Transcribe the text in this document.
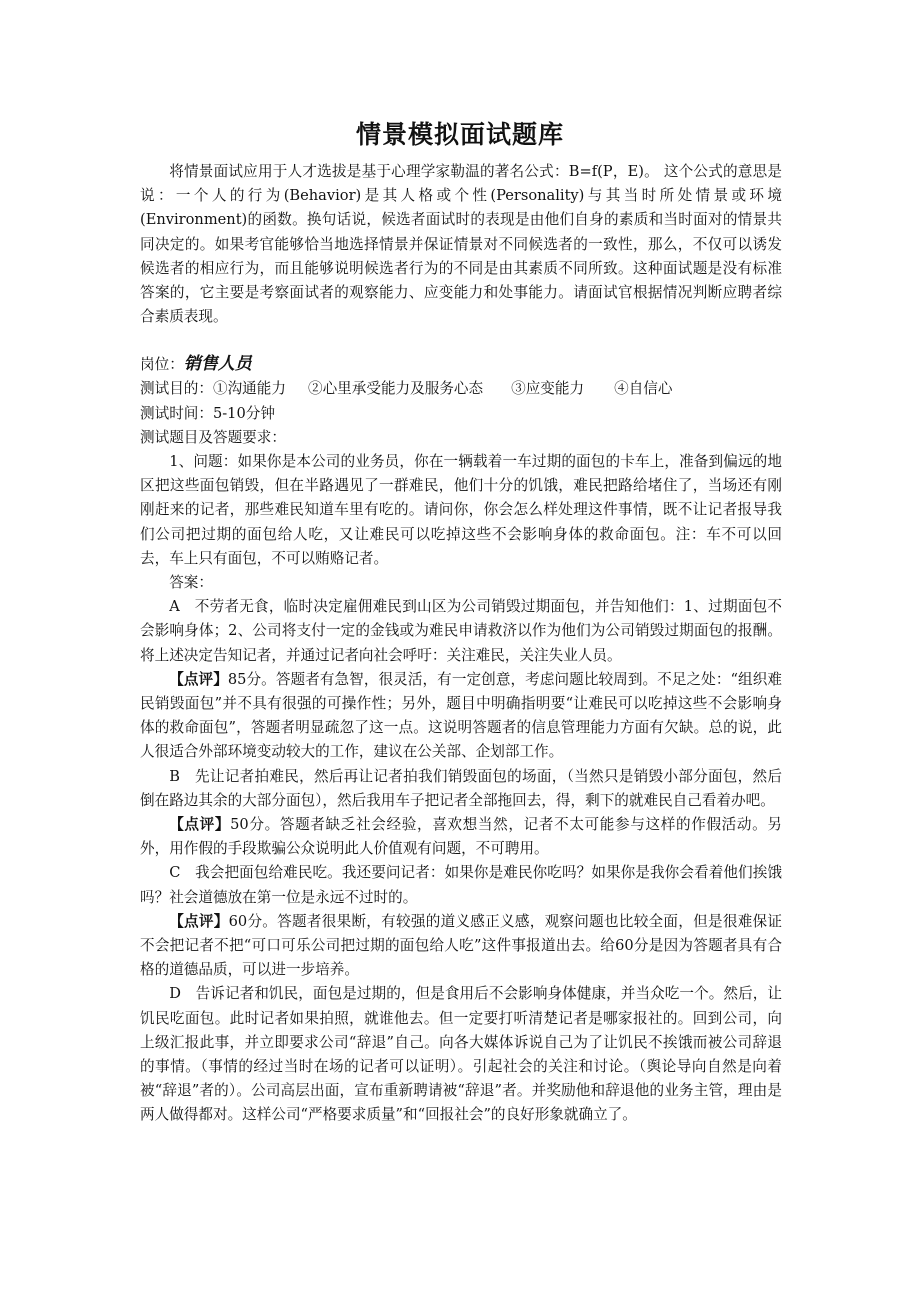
情景模拟面试题库

将情景面试应用于人才选拔是基于心理学家勒温的著名公式：B=f(P，E)。 这个公式的意思是说：一个人的行为(Behavior)是其人格或个性(Personality)与其当时所处情景或环境(Environment)的函数。换句话说，候选者面试时的表现是由他们自身的素质和当时面对的情景共同决定的。如果考官能够恰当地选择情景并保证情景对不同候选者的一致性，那么，不仅可以诱发候选者的相应行为，而且能够说明候选者行为的不同是由其素质不同所致。这种面试题是没有标准答案的，它主要是考察面试者的观察能力、应变能力和处事能力。请面试官根据情况判断应聘者综合素质表现。

岗位：销售人员

测试目的：①沟通能力 ②心里承受能力及服务心态 ③应变能力 ④自信心

测试时间：5-10分钟

测试题目及答题要求：

1、问题：如果你是本公司的业务员，你在一辆载着一车过期的面包的卡车上，准备到偏远的地区把这些面包销毁，但在半路遇见了一群难民，他们十分的饥饿，难民把路给堵住了，当场还有刚刚赶来的记者，那些难民知道车里有吃的。请问你，你会怎么样处理这件事情，既不让记者报导我们公司把过期的面包给人吃，又让难民可以吃掉这些不会影响身体的救命面包。注：车不可以回去，车上只有面包，不可以贿赂记者。

答案：

A　不劳者无食，临时决定雇佣难民到山区为公司销毁过期面包，并告知他们：1、过期面包不会影响身体；2、公司将支付一定的金钱或为难民申请救济以作为他们为公司销毁过期面包的报酬。将上述决定告知记者，并通过记者向社会呼吁：关注难民，关注失业人员。

【点评】85分。答题者有急智，很灵活，有一定创意，考虑问题比较周到。不足之处：“组织难民销毁面包”并不具有很强的可操作性；另外，题目中明确指明要“让难民可以吃掉这些不会影响身体的救命面包”，答题者明显疏忽了这一点。这说明答题者的信息管理能力方面有欠缺。总的说，此人很适合外部环境变动较大的工作，建议在公关部、企划部工作。

B　先让记者拍难民，然后再让记者拍我们销毁面包的场面，（当然只是销毁小部分面包，然后倒在路边其余的大部分面包），然后我用车子把记者全部拖回去，得，剩下的就难民自己看着办吧。

【点评】50分。答题者缺乏社会经验，喜欢想当然，记者不太可能参与这样的作假活动。另外，用作假的手段欺骗公众说明此人价值观有问题，不可聘用。

C　我会把面包给难民吃。我还要问记者：如果你是难民你吃吗？如果你是我你会看着他们挨饿吗？社会道德放在第一位是永远不过时的。

【点评】60分。答题者很果断，有较强的道义感正义感，观察问题也比较全面，但是很难保证不会把记者不把“可口可乐公司把过期的面包给人吃”这件事报道出去。给60分是因为答题者具有合格的道德品质，可以进一步培养。

D　告诉记者和饥民，面包是过期的，但是食用后不会影响身体健康，并当众吃一个。然后，让饥民吃面包。此时记者如果拍照，就谁他去。但一定要打听清楚记者是哪家报社的。回到公司，向上级汇报此事，并立即要求公司“辞退”自己。向各大媒体诉说自己为了让饥民不挨饿而被公司辞退的事情。（事情的经过当时在场的记者可以证明）。引起社会的关注和讨论。（舆论导向自然是向着被“辞退”者的）。公司高层出面，宣布重新聘请被“辞退”者。并奖励他和辞退他的业务主管，理由是两人做得都对。这样公司“严格要求质量”和“回报社会”的良好形象就确立了。
